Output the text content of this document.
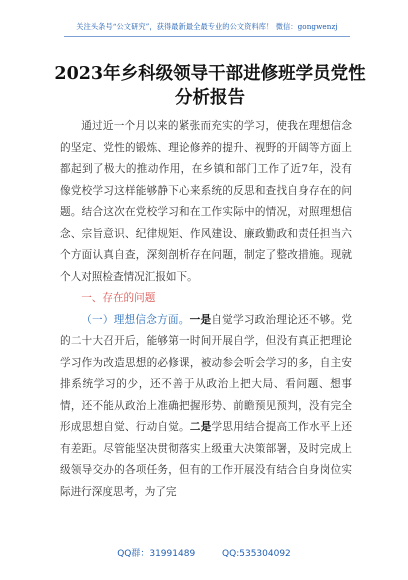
关注头条号“公文研究”，获得最新最全最专业的公文资料库！ 微信：gongwenzj
2023年乡科级领导干部进修班学员党性分析报告

通过近一个月以来的紧张而充实的学习，使我在理想信念的坚定、党性的锻炼、理论修养的提升、视野的开阔等方面上都起到了极大的推动作用，在乡镇和部门工作了近7年，没有像党校学习这样能够静下心来系统的反思和查找自身存在的问题。结合这次在党校学习和在工作实际中的情况，对照理想信念、宗旨意识、纪律规矩、作风建设、廉政勤政和责任担当六个方面认真自查，深刻剖析存在问题，制定了整改措施。现就个人对照检查情况汇报如下。

一、存在的问题

（一）理想信念方面。一是自觉学习政治理论还不够。党的二十大召开后，能够第一时间开展自学，但没有真正把理论学习作为改造思想的必修课，被动参会听会学习的多，自主安排系统学习的少，还不善于从政治上把大局、看问题、想事情，还不能从政治上准确把握形势、前瞻预见预判，没有完全形成思想自觉、行动自觉。二是学思用结合提高工作水平上还有差距。尽管能坚决贯彻落实上级重大决策部署，及时完成上级领导交办的各项任务，但有的工作开展没有结合自身岗位实际进行深度思考，为了完

QQ群：31991489	QQ:535304092
